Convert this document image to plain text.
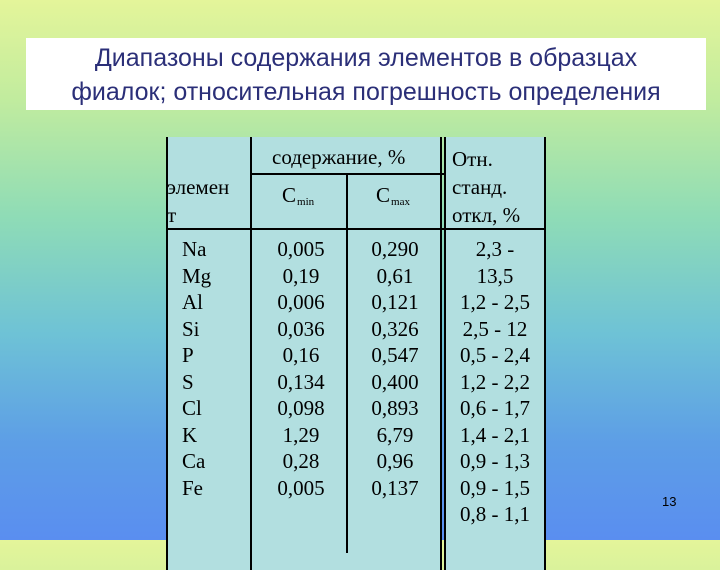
Диапазоны содержания элементов в образцах
фиалок; относительная погрешность определения
элемен
т
содержание, %
Cmin	Cmax
Отн.
станд.
откл, %
Na
Mg
Al
Si
P
S
Cl
K
Ca
Fe
0,005
0,19
0,006
0,036
0,16
0,134
0,098
1,29
0,28
0,005
0,290
0,61
0,121
0,326
0,547
0,400
0,893
6,79
0,96
0,137
2,3 -
13,5
1,2 - 2,5
2,5 - 12
0,5 - 2,4
1,2 - 2,2
0,6 - 1,7
1,4 - 2,1
0,9 - 1,3
0,9 - 1,5
0,8 - 1,1
13
